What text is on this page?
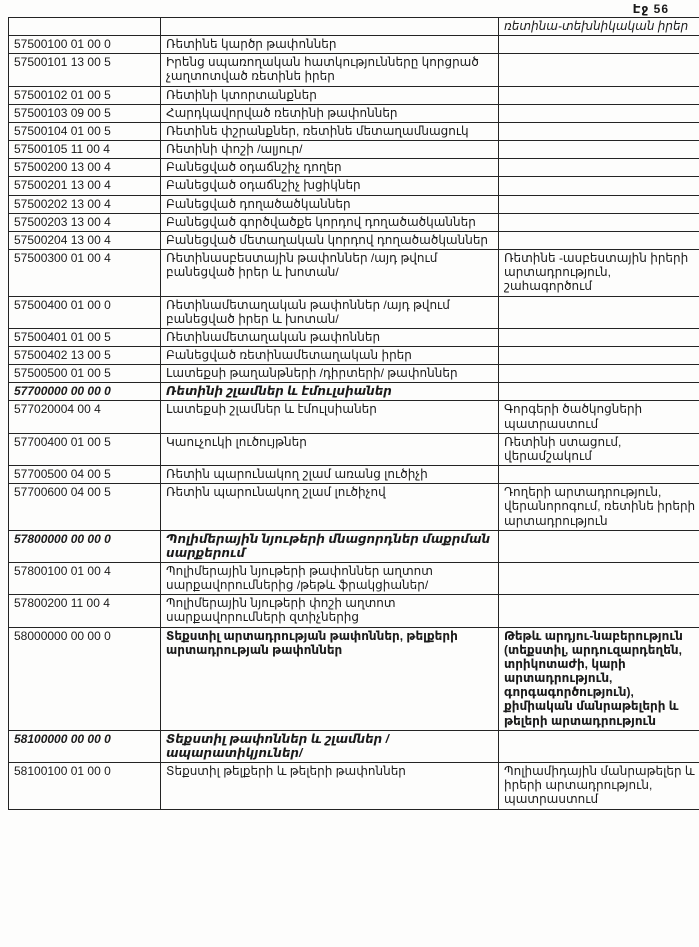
Էջ 56
		ռետինա-տեխնիկական իրեր
57500100 01 00 0	Ռետինե կարծր թափոններ	
57500101 13 00 5	Իրենց սպառողական հատկությունները կորցրած չաղտոտված ռետինե իրեր	
57500102 01 00 5	Ռետինի կտորտանքներ	
57500103 09 00 5	Հարդկավորված ռետինի թափոններ	
57500104 01 00 5	Ռետինե փշրանքներ, ռետինե մետաղամնացուկ	
57500105 11 00 4	Ռետինի փոշի /ալյուր/	
57500200 13 00 4	Բանեցված օդաճնշիչ դողեր	
57500201 13 00 4	Բանեցված օդաճնշիչ խցիկներ	
57500202 13 00 4	Բանեցված դողածածկաններ	
57500203 13 00 4	Բանեցված գործվածքե կորդով դողածածկաններ	
57500204 13 00 4	Բանեցված մետաղական կորդով դողածածկաններ	
57500300 01 00 4	Ռետինասբեստային թափոններ /այդ թվում բանեցված իրեր և խոտան/	Ռետինե -ասբեստային իրերի արտադրություն, շահագործում
57500400 01 00 0	Ռետինամետաղական թափոններ /այդ թվում բանեցված իրեր և խոտան/	
57500401 01 00 5	Ռետինամետաղական թափոններ	
57500402 13 00 5	Բանեցված ռետինամետաղական իրեր	
57500500 01 00 5	Լատեքսի թաղանթների /դիրտերի/ թափոններ	
57700000 00 00 0	Ռետինի շլամներ և էմուլսիաներ	
577020004 00 4	Լատեքսի շլամներ և էմուլսիաներ	Գորգերի ծածկոցների պատրաստում
57700400 01 00 5	Կաուչուկի լուծույթներ	Ռետինի ստացում, վերամշակում
57700500 04 00 5	Ռետին պարունակող շլամ առանց լուծիչի	
57700600 04 00 5	Ռետին պարունակող շլամ լուծիչով	Դողերի արտադրություն, վերանորոգում, ռետինե իրերի արտադրություն
57800000 00 00 0	Պոլիմերային նյութերի մնացորդներ մաքրման սարքերում	
57800100 01 00 4	Պոլիմերային նյութերի թափոններ աղտոտ սարքավորումներից /թեթև ֆրակցիաներ/	
57800200 11 00 4	Պոլիմերային նյութերի փոշի աղտոտ սարքավորումների զտիչներից	
58000000 00 00 0	Տեքստիլ արտադրության թափոններ, թելքերի արտադրության թափոններ	Թեթև արդյու-նաբերություն (տեքստիլ, արդուզարդեղեն, տրիկոտաժի, կարի արտադրություն, գորգագործություն), քիմիական մանրաթելերի և թելերի արտադրություն
58100000 00 00 0	Տեքստիլ թափոններ և շլամներ /ապարատիկյուներ/	
58100100 01 00 0	Տեքստիլ թելքերի և թելերի թափոններ	Պոլիամիդային մանրաթելեր և իրերի արտադրություն, պատրաստում
